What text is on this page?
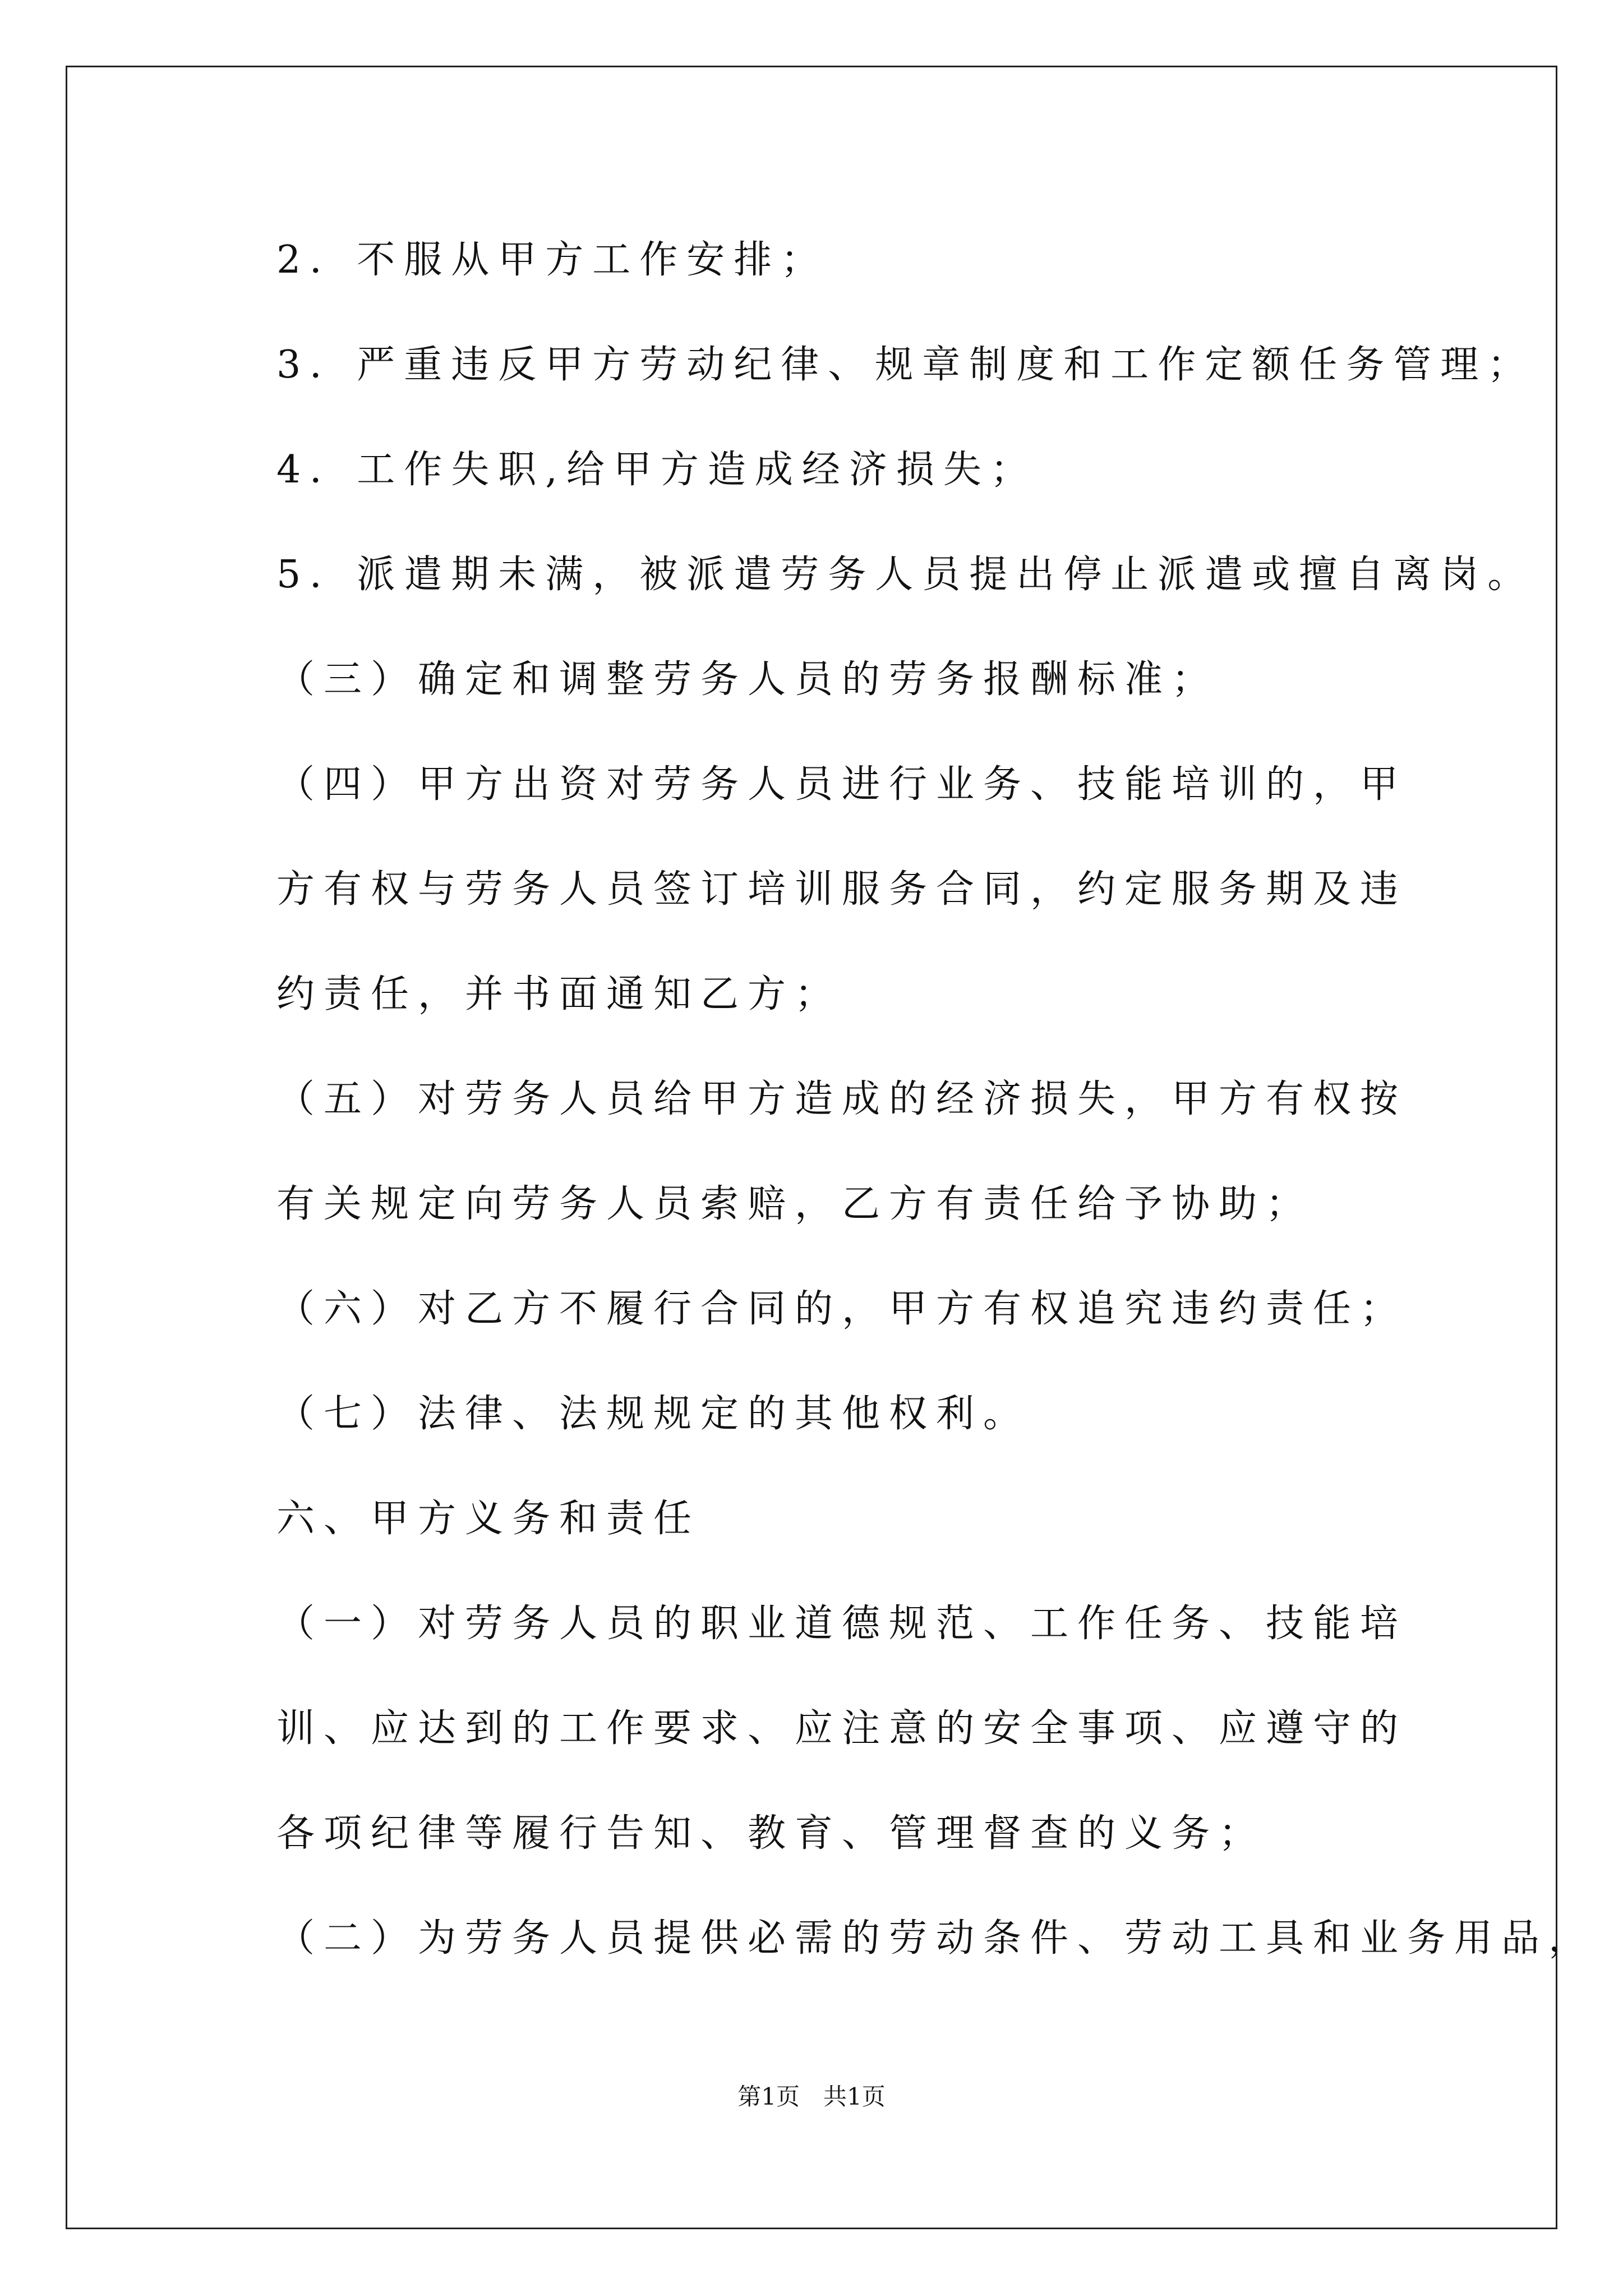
2．不服从甲方工作安排；

3．严重违反甲方劳动纪律、规章制度和工作定额任务管理；

4．工作失职,给甲方造成经济损失；

5．派遣期未满，被派遣劳务人员提出停止派遣或擅自离岗。

（三）确定和调整劳务人员的劳务报酬标准；

（四）甲方出资对劳务人员进行业务、技能培训的，甲方有权与劳务人员签订培训服务合同，约定服务期及违约责任，并书面通知乙方；

（五）对劳务人员给甲方造成的经济损失，甲方有权按有关规定向劳务人员索赔，乙方有责任给予协助；

（六）对乙方不履行合同的，甲方有权追究违约责任；

（七）法律、法规规定的其他权利。

六、甲方义务和责任

（一）对劳务人员的职业道德规范、工作任务、技能培训、应达到的工作要求、应注意的安全事项、应遵守的各项纪律等履行告知、教育、管理督查的义务；

（二）为劳务人员提供必需的劳动条件、劳动工具和业务用品，

第1页　共1页
